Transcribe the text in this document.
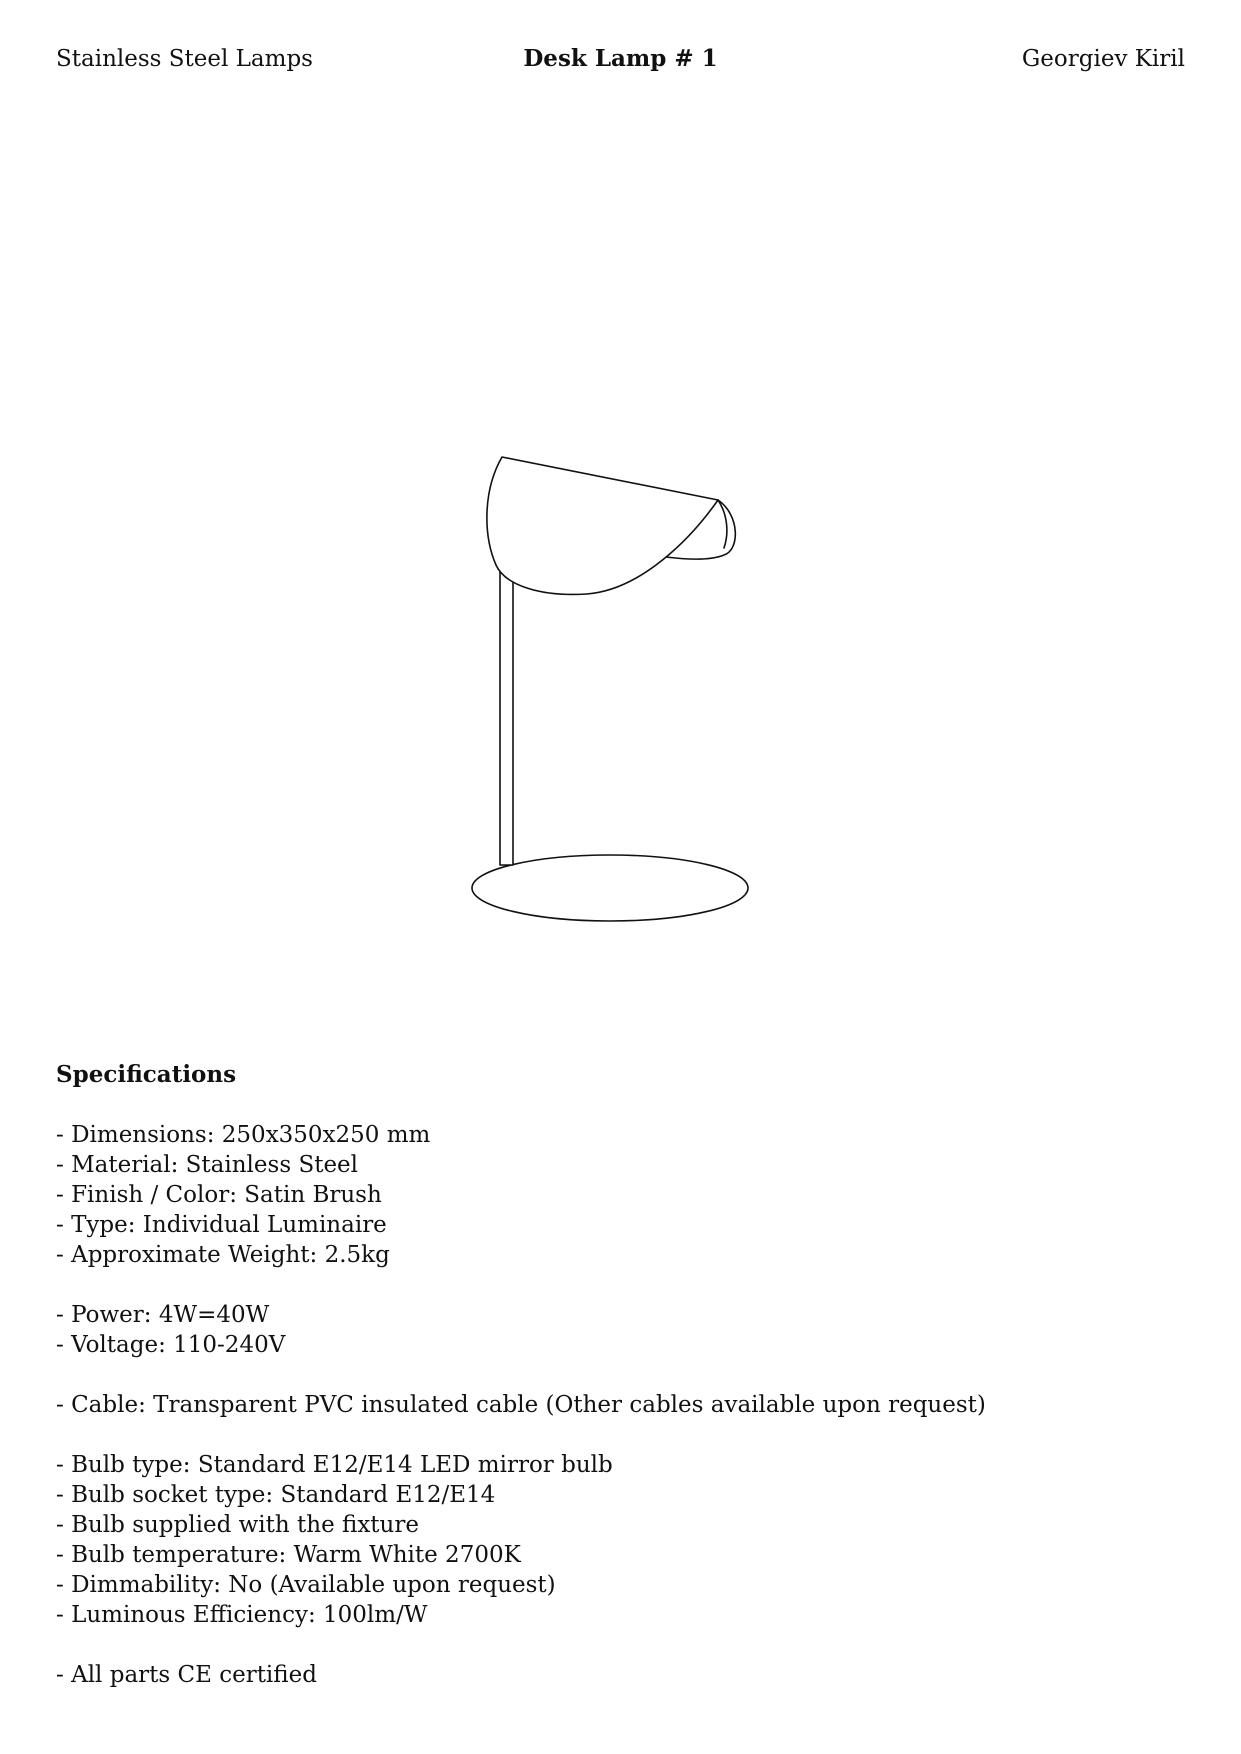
Stainless Steel Lamps	Desk Lamp # 1	Georgiev Kiril
Specifications
- Dimensions: 250x350x250 mm
- Material: Stainless Steel
- Finish / Color: Satin Brush
- Type: Individual Luminaire
- Approximate Weight: 2.5kg
- Power: 4W=40W
- Voltage: 110-240V
- Cable: Transparent PVC insulated cable (Other cables available upon request)
- Bulb type: Standard E12/E14 LED mirror bulb
- Bulb socket type: Standard E12/E14
- Bulb supplied with the fixture
- Bulb temperature: Warm White 2700K
- Dimmability: No (Available upon request)
- Luminous Efficiency: 100lm/W
- All parts CE certified
